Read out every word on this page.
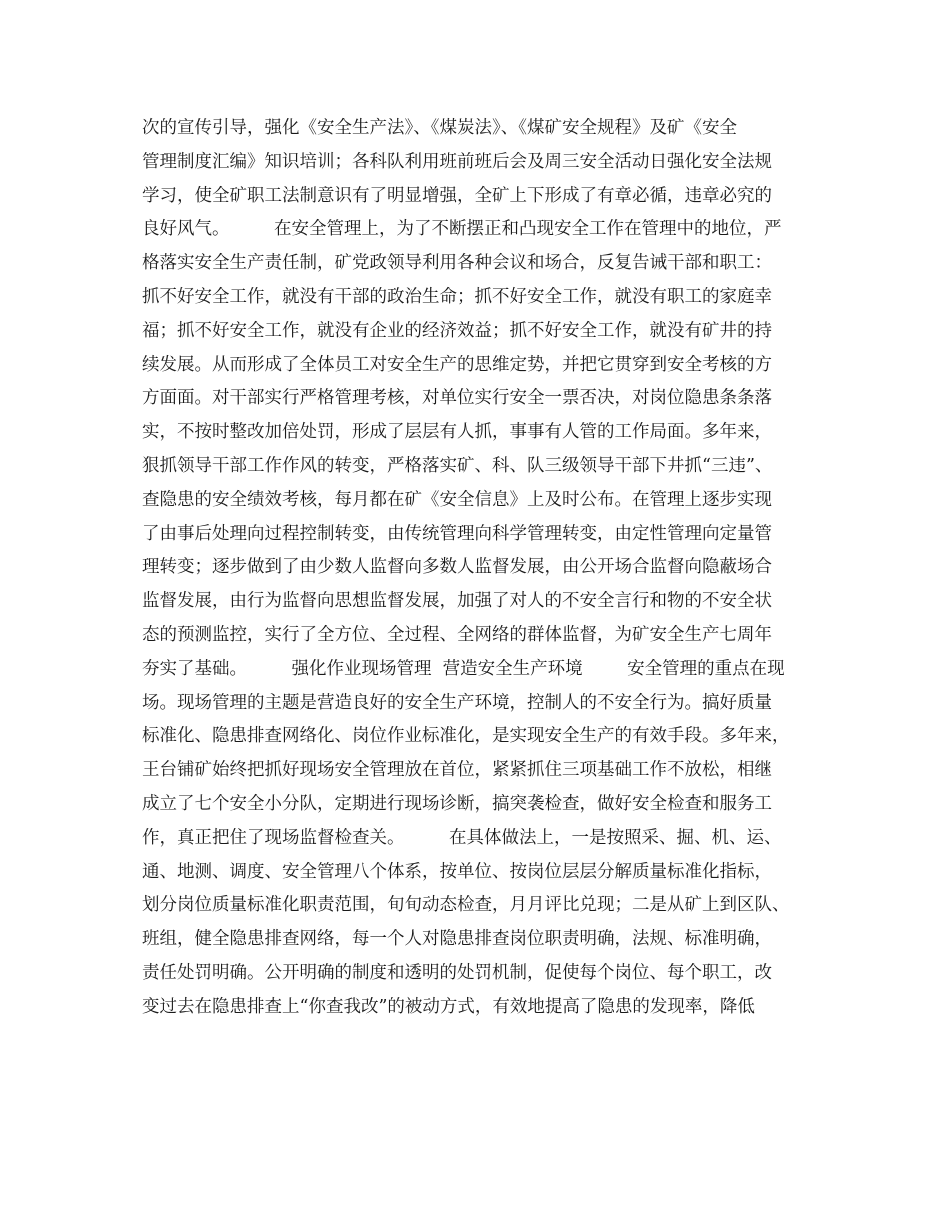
次的宣传引导，强化《安全生产法》、《煤炭法》、《煤矿安全规程》及矿《安全
管理制度汇编》知识培训；各科队利用班前班后会及周三安全活动日强化安全法规
学习，使全矿职工法制意识有了明显增强，全矿上下形成了有章必循，违章必究的
良好风气。        在安全管理上，为了不断摆正和凸现安全工作在管理中的地位，严
格落实安全生产责任制，矿党政领导利用各种会议和场合，反复告诫干部和职工：
抓不好安全工作，就没有干部的政治生命；抓不好安全工作，就没有职工的家庭幸
福；抓不好安全工作，就没有企业的经济效益；抓不好安全工作，就没有矿井的持
续发展。从而形成了全体员工对安全生产的思维定势，并把它贯穿到安全考核的方
方面面。对干部实行严格管理考核，对单位实行安全一票否决，对岗位隐患条条落
实，不按时整改加倍处罚，形成了层层有人抓，事事有人管的工作局面。多年来，
狠抓领导干部工作作风的转变，严格落实矿、科、队三级领导干部下井抓“三违”、
查隐患的安全绩效考核，每月都在矿《安全信息》上及时公布。在管理上逐步实现
了由事后处理向过程控制转变，由传统管理向科学管理转变，由定性管理向定量管
理转变；逐步做到了由少数人监督向多数人监督发展，由公开场合监督向隐蔽场合
监督发展，由行为监督向思想监督发展，加强了对人的不安全言行和物的不安全状
态的预测监控，实行了全方位、全过程、全网络的群体监督，为矿安全生产七周年
夯实了基础。        强化作业现场管理  营造安全生产环境        安全管理的重点在现
场。现场管理的主题是营造良好的安全生产环境，控制人的不安全行为。搞好质量
标准化、隐患排查网络化、岗位作业标准化，是实现安全生产的有效手段。多年来，
王台铺矿始终把抓好现场安全管理放在首位，紧紧抓住三项基础工作不放松，相继
成立了七个安全小分队，定期进行现场诊断，搞突袭检查，做好安全检查和服务工
作，真正把住了现场监督检查关。        在具体做法上，一是按照采、掘、机、运、
通、地测、调度、安全管理八个体系，按单位、按岗位层层分解质量标准化指标，
划分岗位质量标准化职责范围，旬旬动态检查，月月评比兑现；二是从矿上到区队、
班组，健全隐患排查网络，每一个人对隐患排查岗位职责明确，法规、标准明确，
责任处罚明确。公开明确的制度和透明的处罚机制，促使每个岗位、每个职工，改
变过去在隐患排查上“你查我改”的被动方式，有效地提高了隐患的发现率，降低
